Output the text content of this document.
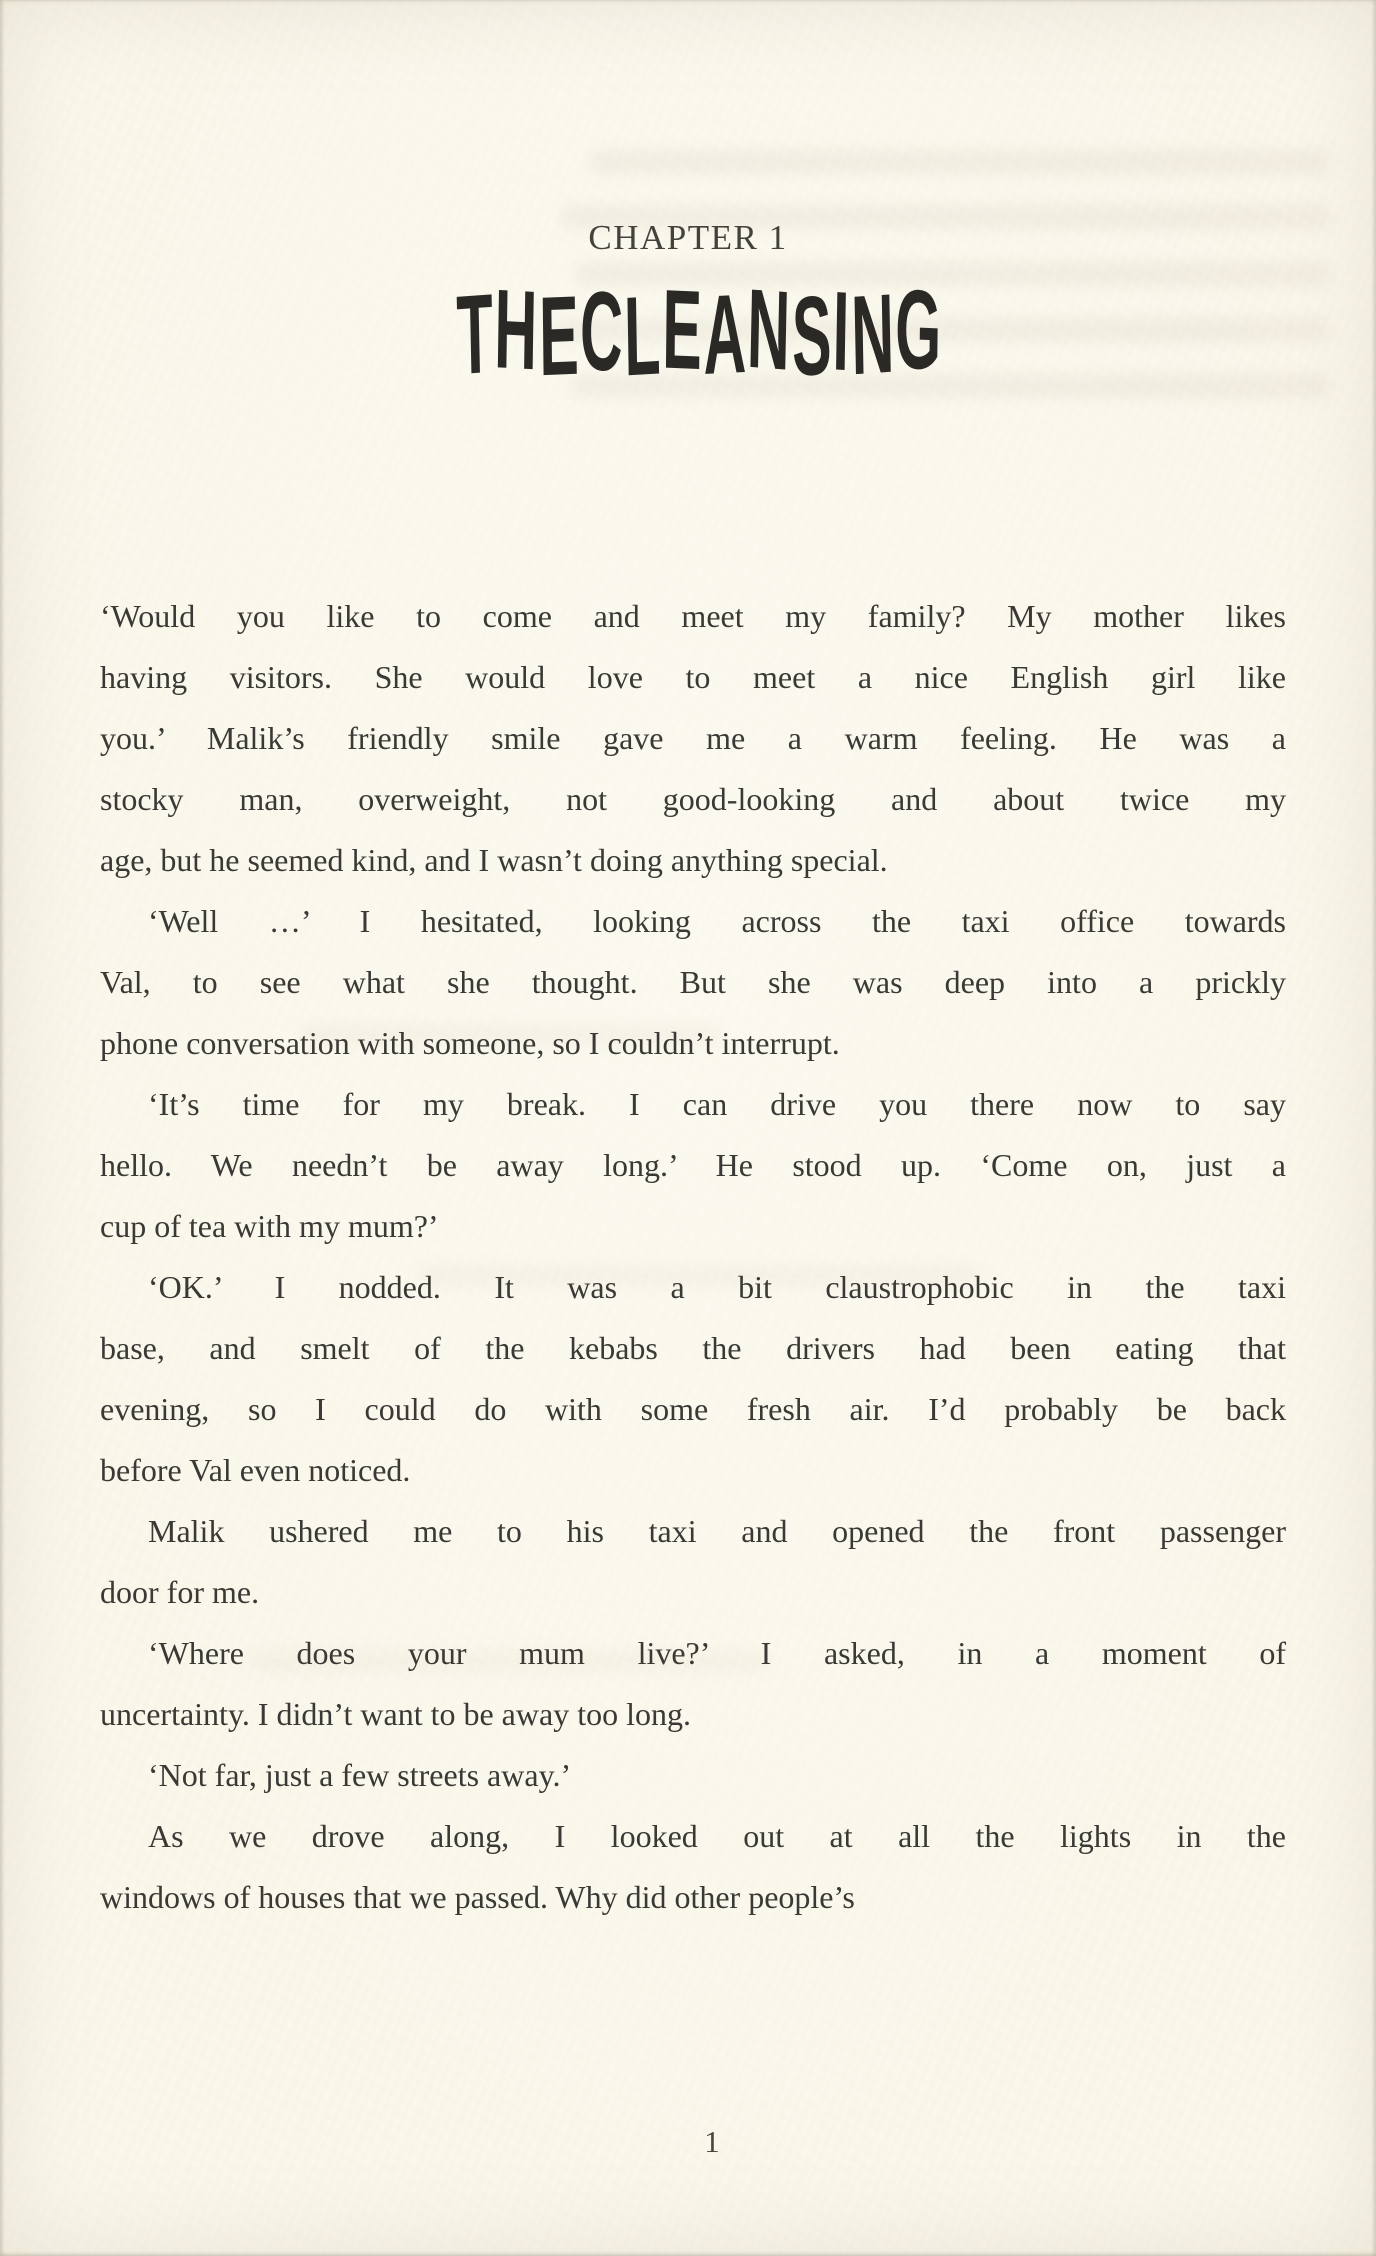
CHAPTER 1
THECLEANSING
‘Would you like to come and meet my family? My mother likes
having visitors. She would love to meet a nice English girl like
you.’ Malik’s friendly smile gave me a warm feeling. He was a
stocky man, overweight, not good-looking and about twice my
age, but he seemed kind, and I wasn’t doing anything special.
‘Well …’ I hesitated, looking across the taxi office towards
Val, to see what she thought. But she was deep into a prickly
phone conversation with someone, so I couldn’t interrupt.
‘It’s time for my break. I can drive you there now to say
hello. We needn’t be away long.’ He stood up. ‘Come on, just a
cup of tea with my mum?’
‘OK.’ I nodded. It was a bit claustrophobic in the taxi
base, and smelt of the kebabs the drivers had been eating that
evening, so I could do with some fresh air. I’d probably be back
before Val even noticed.
Malik ushered me to his taxi and opened the front passenger
door for me.
‘Where does your mum live?’ I asked, in a moment of
uncertainty. I didn’t want to be away too long.
‘Not far, just a few streets away.’
As we drove along, I looked out at all the lights in the
windows of houses that we passed. Why did other people’s
1
